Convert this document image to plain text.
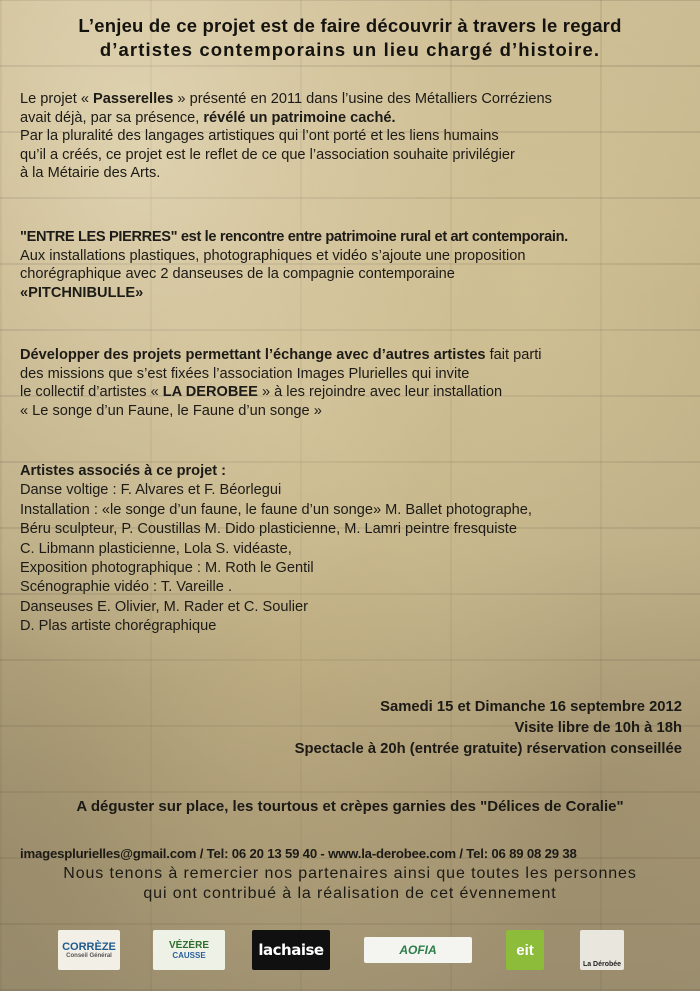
L’enjeu de ce projet est de faire découvrir à travers le regard
d’artistes contemporains un lieu chargé d’histoire.
Le projet « Passerelles » présenté en 2011 dans l’usine des Métalliers Corréziens
avait déjà, par sa présence, révélé un patrimoine caché.
Par la pluralité des langages artistiques qui l’ont porté et les liens humains
qu’il a créés, ce projet est le reflet de ce que l’association souhaite privilégier
à la Métairie des Arts.
"ENTRE LES PIERRES" est le rencontre entre patrimoine rural et art contemporain.
Aux installations plastiques, photographiques et vidéo s’ajoute une proposition
chorégraphique avec 2 danseuses de la compagnie contemporaine
«PITCHNIBULLE»
Développer des projets permettant l’échange avec d’autres artistes fait parti
des missions que s’est fixées l’association Images Plurielles qui invite
le collectif d’artistes « LA DEROBEE » à les rejoindre avec leur installation
« Le songe d’un Faune, le Faune d’un songe »
Artistes associés à ce projet :
Danse voltige : F. Alvares et F. Béorlegui
Installation : «le songe d’un faune, le faune d’un songe» M. Ballet photographe,
Béru sculpteur, P. Coustillas M. Dido plasticienne, M. Lamri peintre fresquiste
C. Libmann plasticienne, Lola S. vidéaste,
Exposition photographique : M. Roth le Gentil
Scénographie vidéo : T. Vareille .
Danseuses E. Olivier, M. Rader et C. Soulier
D. Plas artiste chorégraphique
Samedi 15 et Dimanche 16 septembre 2012
Visite libre de 10h à 18h
Spectacle à 20h (entrée gratuite) réservation conseillée
A déguster sur place, les tourtous et crèpes garnies des "Délices de Coralie"
imagesplurielles@gmail.com / Tel: 06 20 13 59 40 - www.la-derobee.com / Tel: 06 89 08 29 38
Nous tenons à remercier nos partenaires ainsi que toutes les personnes
qui ont contribué à la réalisation de cet évennement
CORRÈZE
Conseil Général
VÉZÈRE
CAUSSE	lachaise	AOFIA	eit
La Dérobée
